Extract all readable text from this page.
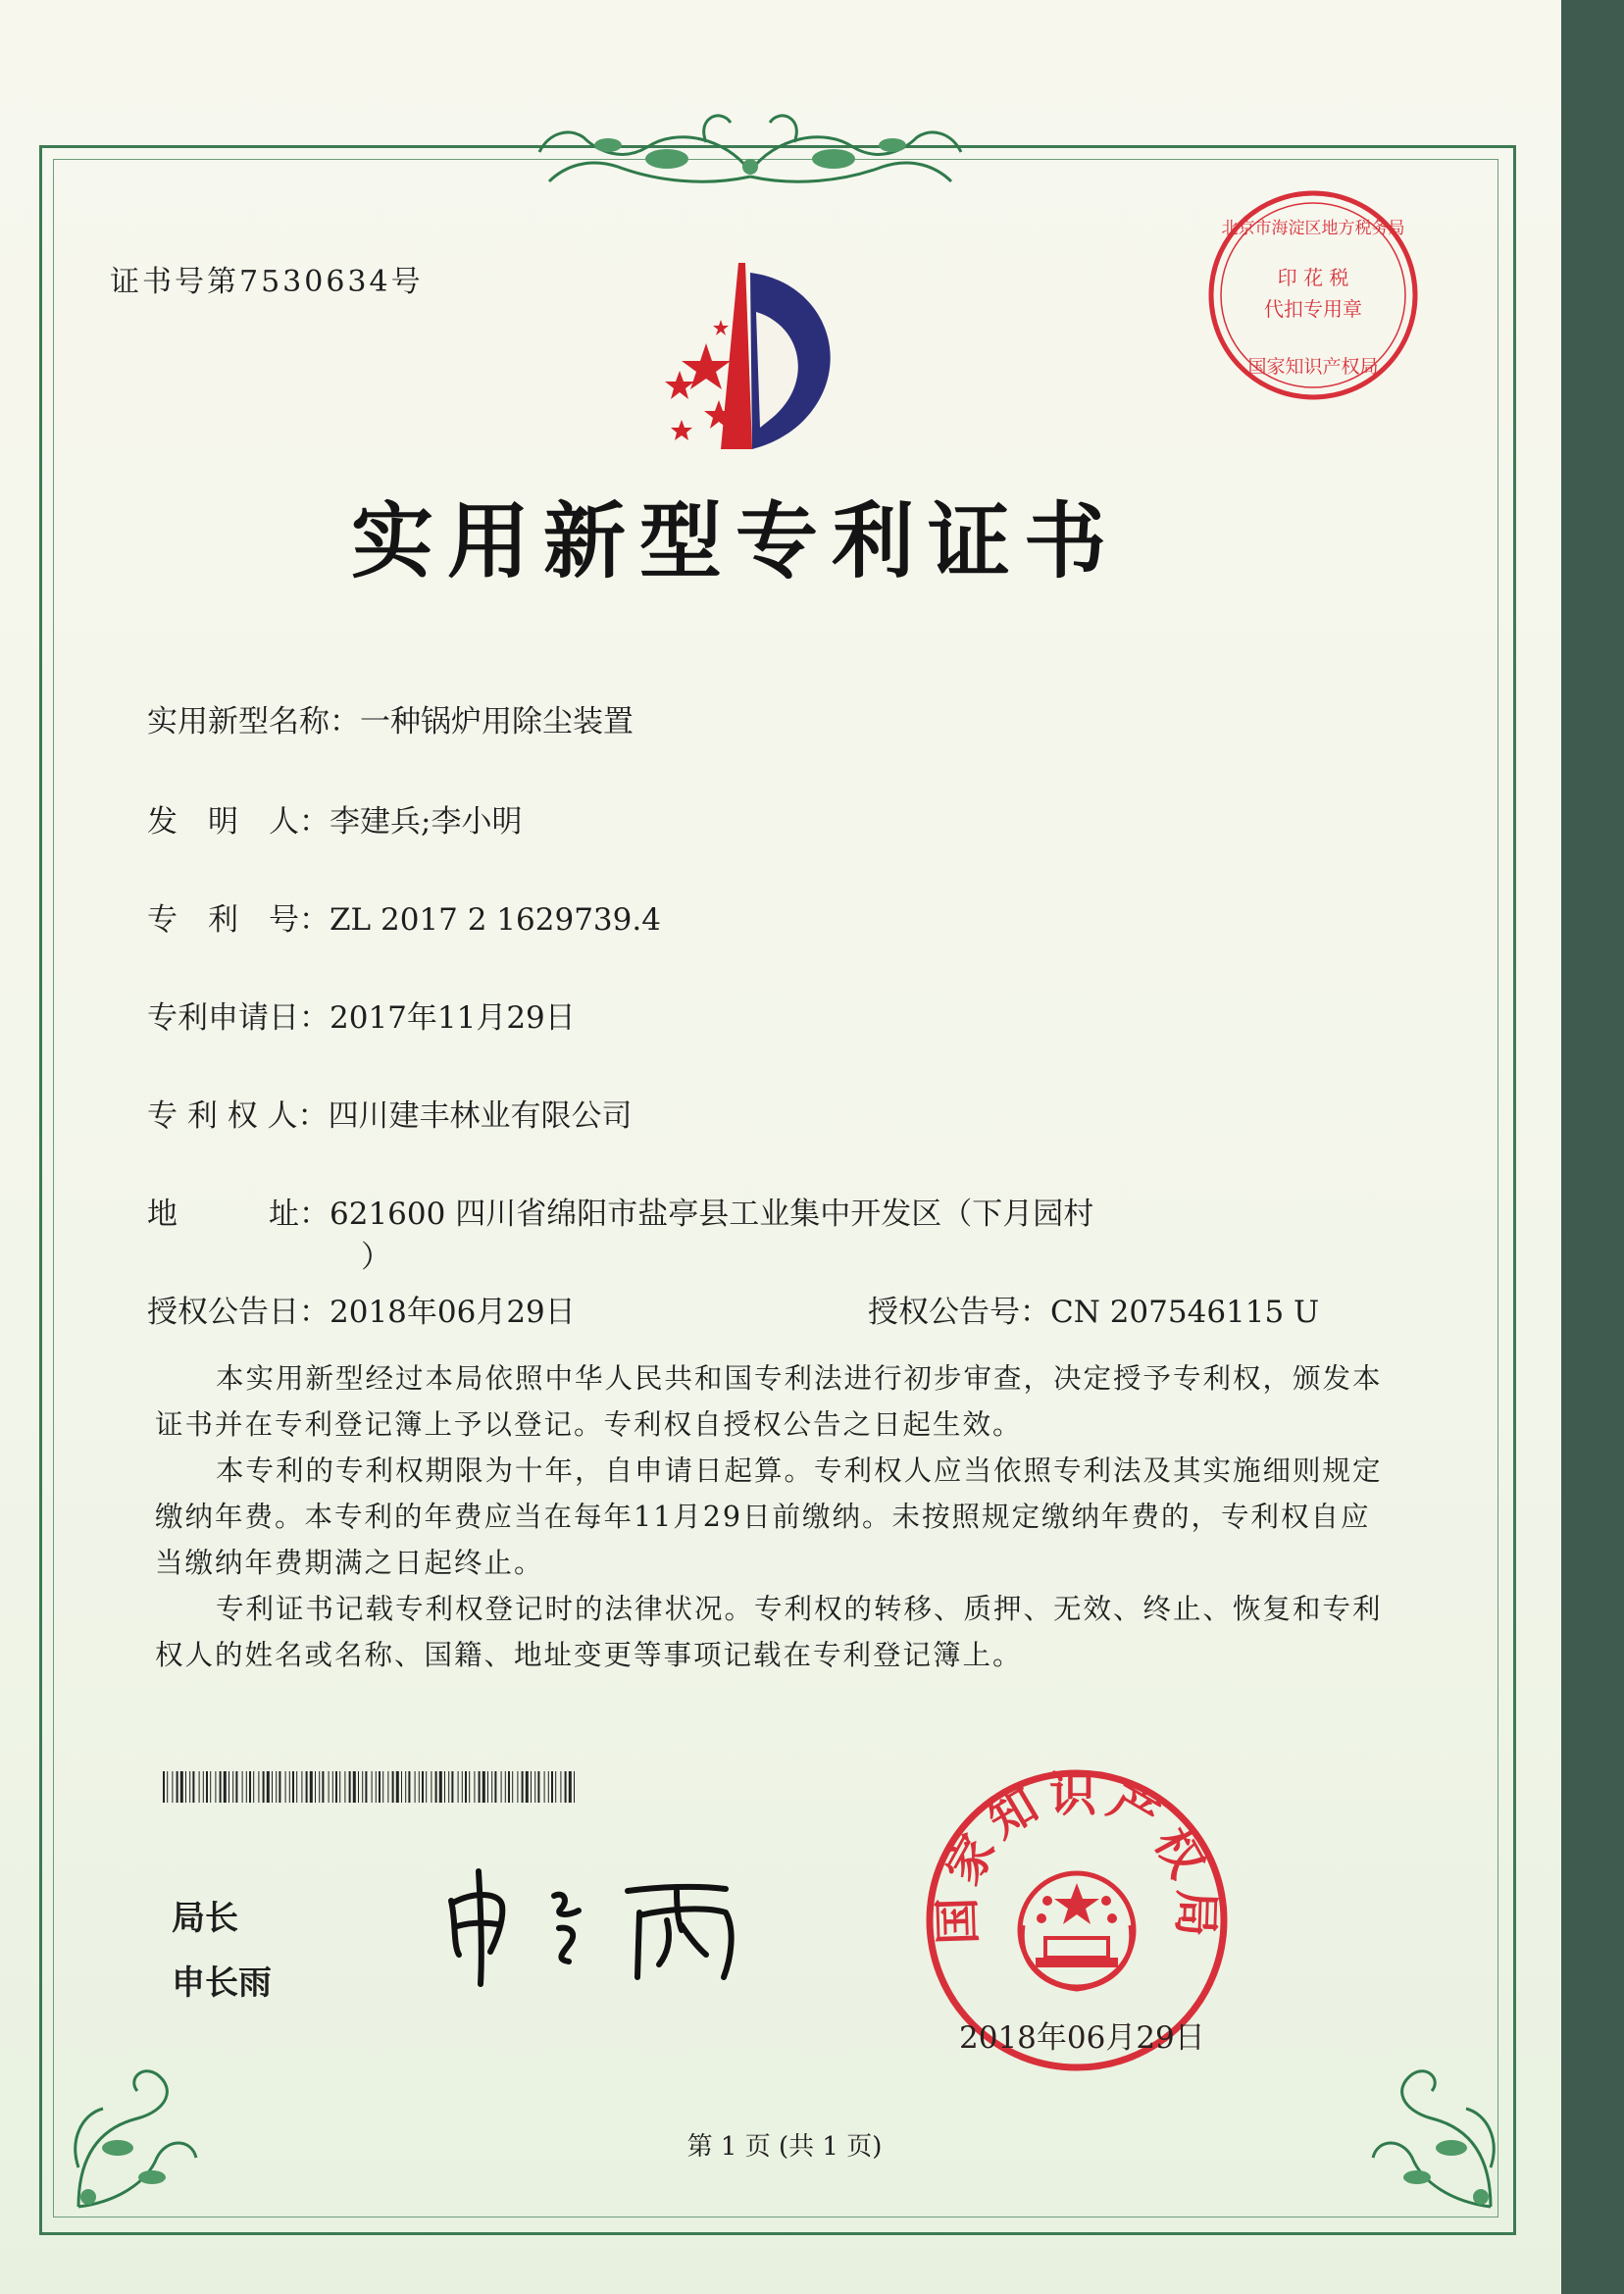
证书号第7530634号	印 花 税
代扣专用章
北京市海淀区地方税务局
国家知识产权局
实用新型专利证书
实用新型名称：一种锅炉用除尘装置
发　明　人：李建兵;李小明
专　利　号：ZL 2017 2 1629739.4
专利申请日：2017年11月29日
专 利 权 人：四川建丰林业有限公司
地　　　址：621600 四川省绵阳市盐亭县工业集中开发区（下月园村
）
授权公告日：2018年06月29日	授权公告号：CN 207546115 U

本实用新型经过本局依照中华人民共和国专利法进行初步审查，决定授予专利权，颁发本证书并在专利登记簿上予以登记。专利权自授权公告之日起生效。

本专利的专利权期限为十年，自申请日起算。专利权人应当依照专利法及其实施细则规定缴纳年费。本专利的年费应当在每年11月29日前缴纳。未按照规定缴纳年费的，专利权自应当缴纳年费期满之日起终止。

专利证书记载专利权登记时的法律状况。专利权的转移、质押、无效、终止、恢复和专利权人的姓名或名称、国籍、地址变更等事项记载在专利登记簿上。

局长
申长雨
国家知识产权局
2018年06月29日
第 1 页 (共 1 页)
